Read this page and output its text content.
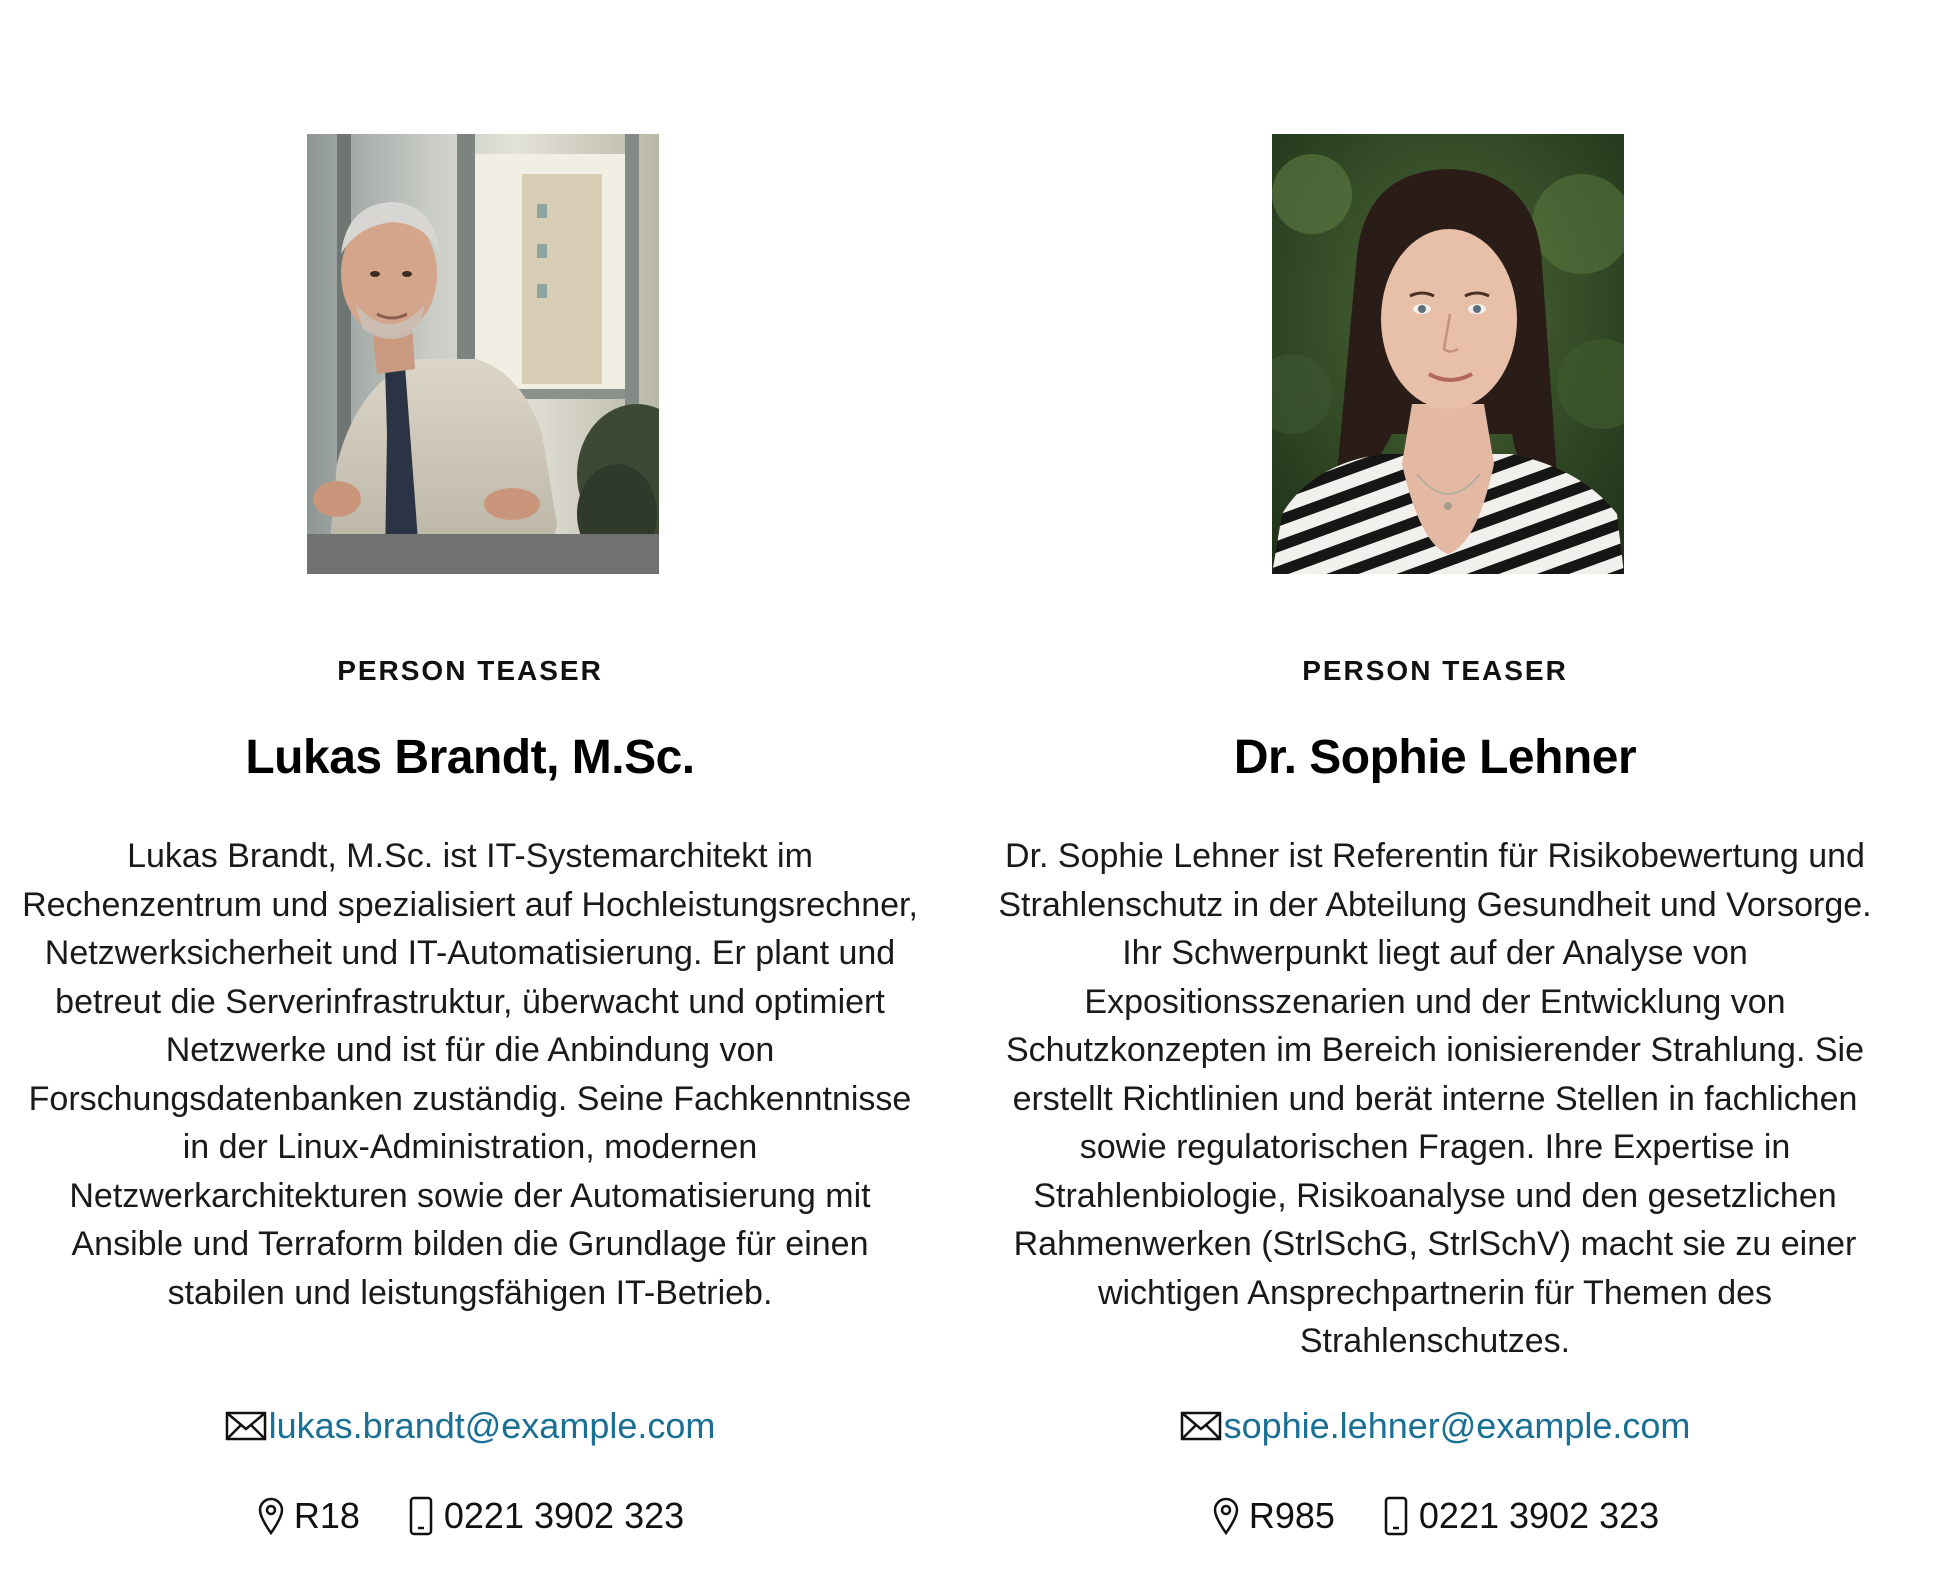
PERSON TEASER
Lukas Brandt, M.Sc.

Lukas Brandt, M.Sc. ist IT-Systemarchitekt im Rechenzentrum und spezialisiert auf Hochleistungsrechner, Netzwerksicherheit und IT-Automatisierung. Er plant und betreut die Serverinfrastruktur, überwacht und optimiert Netzwerke und ist für die Anbindung von Forschungsdatenbanken zuständig. Seine Fachkenntnisse in der Linux-Administration, modernen Netzwerkarchitekturen sowie der Automatisierung mit Ansible und Terraform bilden die Grundlage für einen stabilen und leistungsfähigen IT-Betrieb.

lukas.brandt@example.com
R18 0221 3902 323
PERSON TEASER
Dr. Sophie Lehner

Dr. Sophie Lehner ist Referentin für Risikobewertung und Strahlenschutz in der Abteilung Gesundheit und Vorsorge. Ihr Schwerpunkt liegt auf der Analyse von Expositionsszenarien und der Entwicklung von Schutzkonzepten im Bereich ionisierender Strahlung. Sie erstellt Richtlinien und berät interne Stellen in fachlichen sowie regulatorischen Fragen. Ihre Expertise in Strahlenbiologie, Risikoanalyse und den gesetzlichen Rahmenwerken (StrlSchG, StrlSchV) macht sie zu einer wichtigen Ansprechpartnerin für Themen des Strahlenschutzes.

sophie.lehner@example.com
R985 0221 3902 323
